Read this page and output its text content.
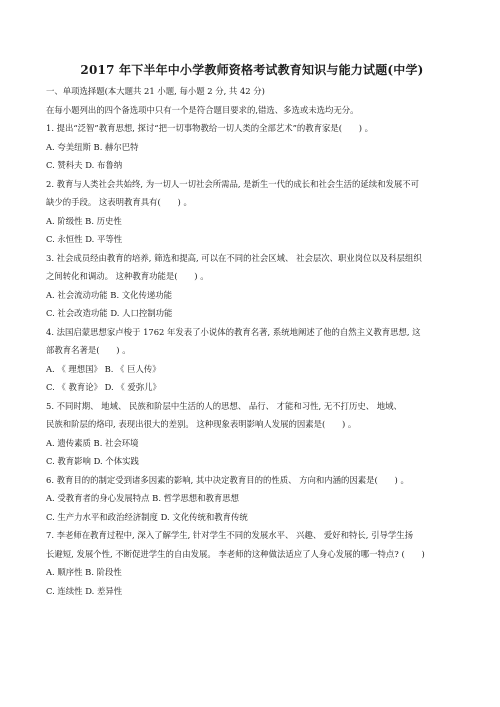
2017 年下半年中小学教师资格考试教育知识与能力试题(中学)

一、单项选择题(本大题共 21 小题, 每小题 2 分, 共 42 分)

在每小题列出的四个备选项中只有一个是符合题目要求的,错选、多选或未选均无分。

1. 提出“泛智”教育思想, 探讨“把一切事物教给一切人类的全部艺术”的教育家是(　　) 。

A. 夸美纽斯 B. 赫尔巴特

C. 赞科夫 D. 布鲁纳

2. 教育与人类社会共始终, 为一切人一切社会所需品, 是新生一代的成长和社会生活的延续和发展不可

缺少的手段。 这表明教育具有(　　) 。

A. 阶级性 B. 历史性

C. 永恒性 D. 平等性

3. 社会成员经由教育的培养, 筛选和提高, 可以在不同的社会区域、 社会层次、职业岗位以及科层组织

之间转化和调动。 这种教育功能是(　　) 。

A. 社会流动功能 B. 文化传递功能

C. 社会改造功能 D. 人口控制功能

4. 法国启蒙思想家卢梭于 1762 年发表了小说体的教育名著, 系统地阐述了他的自然主义教育思想, 这

部教育名著是(　　) 。

A. 《 理想国》 B. 《 巨人传》

C. 《 教育论》 D. 《 爱弥儿》

5. 不同时期、 地域、 民族和阶层中生活的人的思想、 品行、 才能和习性, 无不打历史、 地域、

民族和阶层的烙印, 表现出很大的差别。 这种现象表明影响人发展的因素是(　　) 。

A. 遗传素质 B. 社会环境

C. 教育影响 D. 个体实践

6. 教育目的的制定受到诸多因素的影响, 其中决定教育目的的性质、 方向和内涵的因素是(　　) 。

A. 受教育者的身心发展特点 B. 哲学思想和教育思想

C. 生产力水平和政治经济制度 D. 文化传统和教育传统

7. 李老师在教育过程中, 深入了解学生, 针对学生不同的发展水平、 兴趣、 爱好和特长, 引导学生扬

长避短, 发展个性, 不断促进学生的自由发展。 李老师的这种做法适应了人身心发展的哪一特点? (　　)

A. 顺序性 B. 阶段性

C. 连续性 D. 差异性
